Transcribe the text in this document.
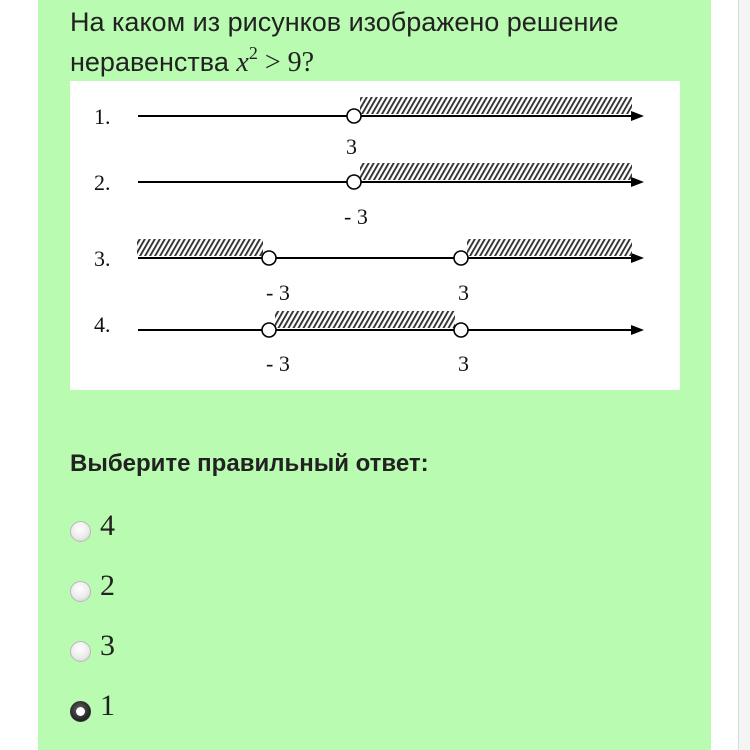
На каком из рисунков изображено решение неравенства $x^2 > 9$?
1.
3
2.
- 3
3.
- 3	3
4.
- 3	3
Выберите правильный ответ:
4
2
3
1
